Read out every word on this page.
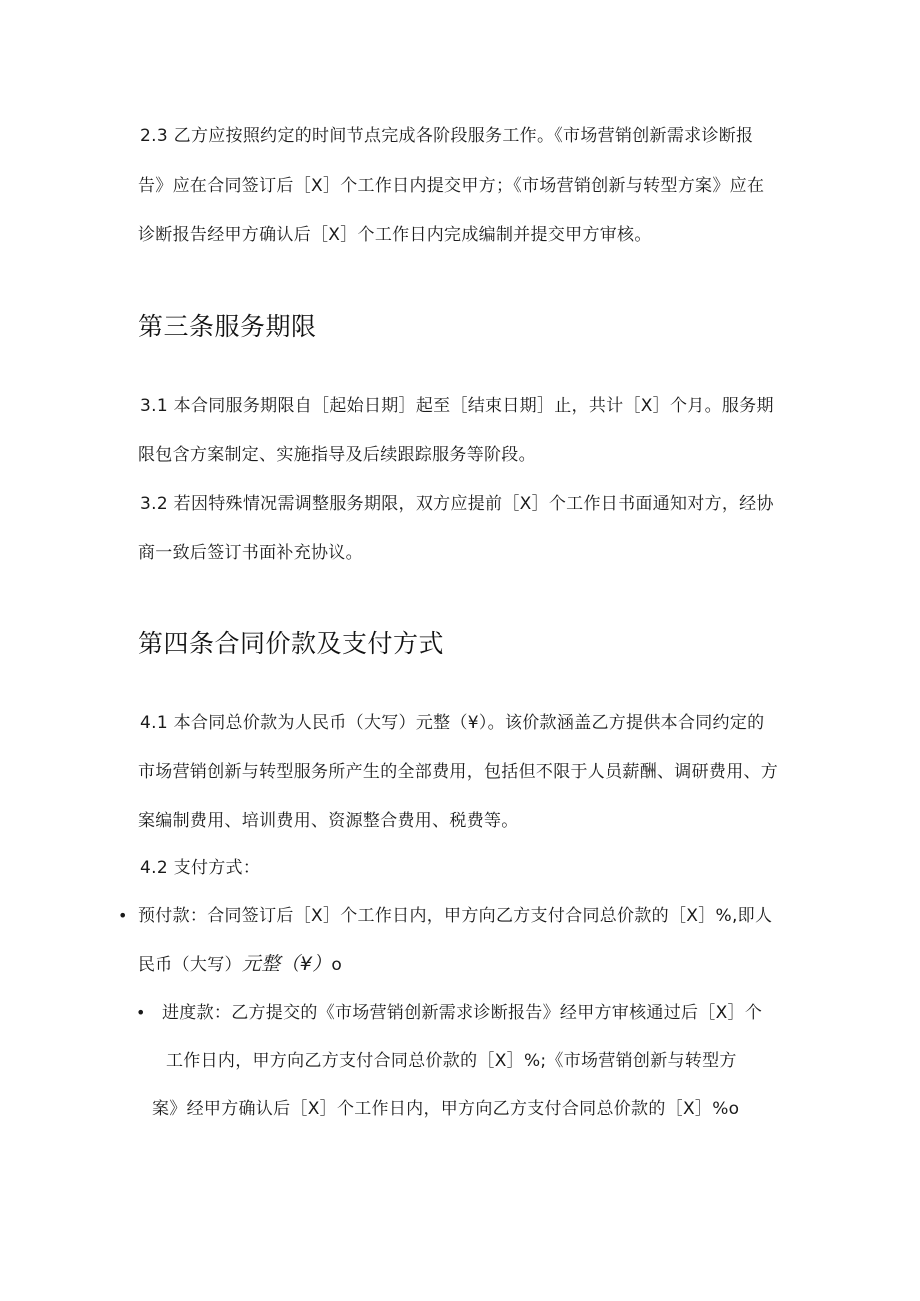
2.3 乙方应按照约定的时间节点完成各阶段服务工作。《市场营销创新需求诊断报
告》应在合同签订后［X］个工作日内提交甲方；《市场营销创新与转型方案》应在
诊断报告经甲方确认后［X］个工作日内完成编制并提交甲方审核。
第三条服务期限
3.1 本合同服务期限自［起始日期］起至［结束日期］止，共计［X］个月。服务期
限包含方案制定、实施指导及后续跟踪服务等阶段。
3.2 若因特殊情况需调整服务期限，双方应提前［X］个工作日书面通知对方，经协
商一致后签订书面补充协议。
第四条合同价款及支付方式
4.1 本合同总价款为人民币（大写）元整（¥）。该价款涵盖乙方提供本合同约定的
市场营销创新与转型服务所产生的全部费用，包括但不限于人员薪酬、调研费用、方
案编制费用、培训费用、资源整合费用、税费等。
4.2 支付方式：
• 预付款：合同签订后［X］个工作日内，甲方向乙方支付合同总价款的［X］%,即人
民币（大写）元整（¥）o
• 进度款：乙方提交的《市场营销创新需求诊断报告》经甲方审核通过后［X］个
工作日内，甲方向乙方支付合同总价款的［X］%;《市场营销创新与转型方
案》经甲方确认后［X］个工作日内，甲方向乙方支付合同总价款的［X］%o
